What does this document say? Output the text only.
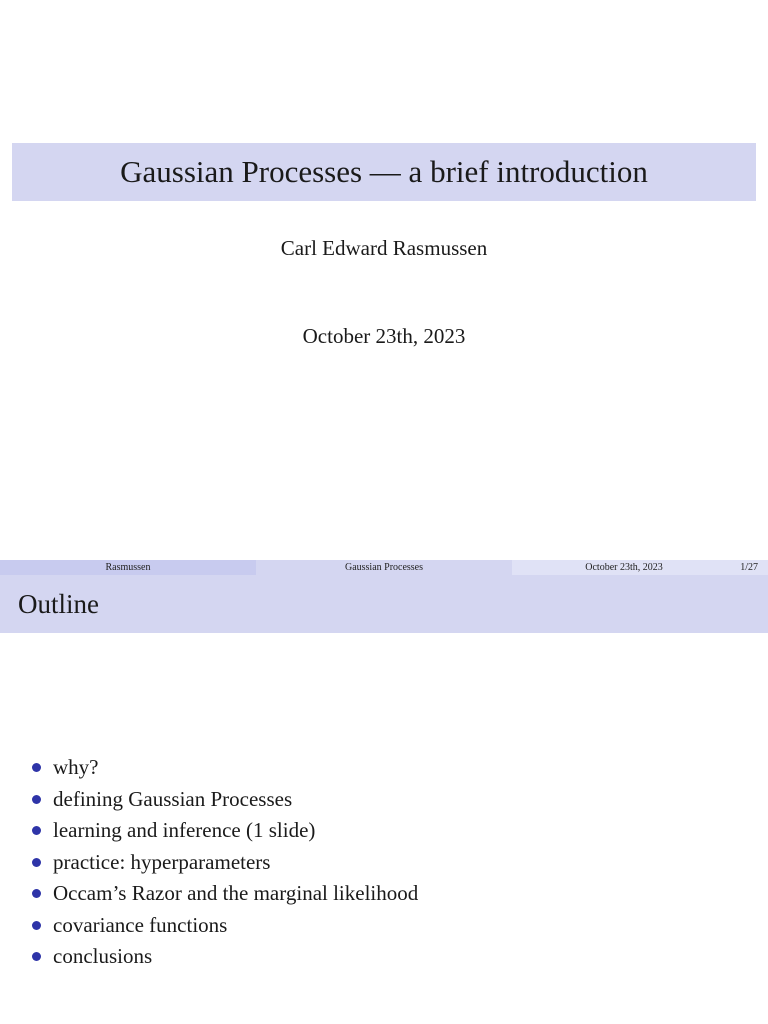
Gaussian Processes — a brief introduction
Carl Edward Rasmussen
October 23th, 2023
Rasmussen	Gaussian Processes	October 23th, 2023	1/27
Outline
why?
defining Gaussian Processes
learning and inference (1 slide)
practice: hyperparameters
Occam’s Razor and the marginal likelihood
covariance functions
conclusions
